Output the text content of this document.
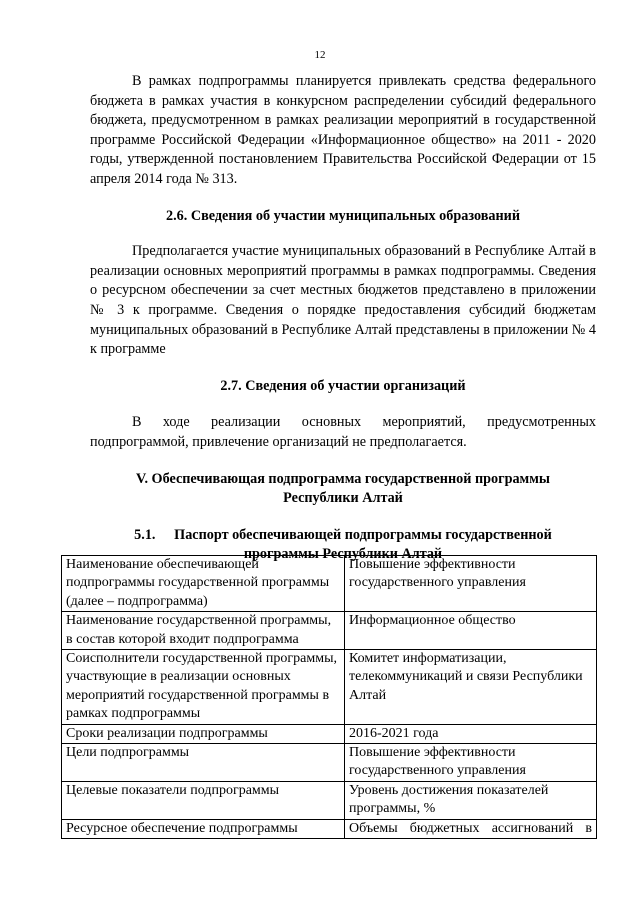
12

В рамках подпрограммы планируется привлекать средства федерального бюджета в рамках участия в конкурсном распределении субсидий федерального бюджета, предусмотренном в рамках реализации мероприятий в государственной программе Российской Федерации «Информационное общество» на 2011 - 2020 годы, утвержденной постановлением Правительства Российской Федерации от 15 апреля 2014 года № 313.

2.6. Сведения об участии муниципальных образований

Предполагается участие муниципальных образований в Республике Алтай в реализации основных мероприятий программы в рамках подпрограммы. Сведения о ресурсном обеспечении за счет местных бюджетов представлено в приложении № 3 к программе. Сведения о порядке предоставления субсидий бюджетам муниципальных образований в Республике Алтай представлены в приложении № 4 к программе

2.7. Сведения об участии организаций

В ходе реализации основных мероприятий, предусмотренных подпрограммой, привлечение организаций не предполагается.

V. Обеспечивающая подпрограмма государственной программы
Республики Алтай
5.1. Паспорт обеспечивающей подпрограммы государственной
программы Республики Алтай
Наименование обеспечивающей подпрограммы государственной программы (далее – подпрограмма)	Повышение эффективности государственного управления
Наименование государственной программы, в состав которой входит подпрограмма	Информационное общество
Соисполнители государственной программы, участвующие в реализации основных мероприятий государственной программы в рамках подпрограммы	Комитет информатизации, телекоммуникаций и связи Республики Алтай
Сроки реализации подпрограммы	2016-2021 года
Цели подпрограммы	Повышение эффективности государственного управления
Целевые показатели подпрограммы	Уровень достижения показателей программы, %
Ресурсное обеспечение подпрограммы	Объемы бюджетных ассигнований в
